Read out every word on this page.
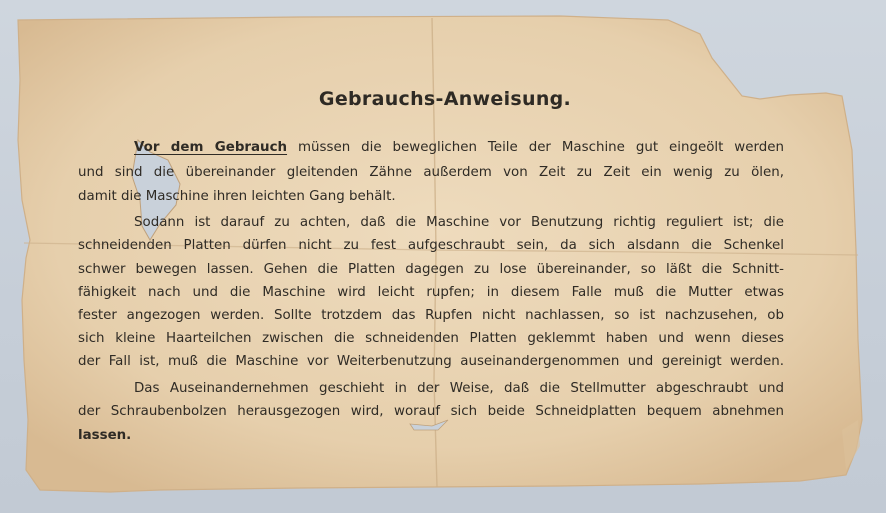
Gebrauchs-Anweisung.

Vor dem Gebrauch müssen die beweglichen Teile der Maschine gut eingeölt werden

und sind die übereinander gleitenden Zähne außerdem von Zeit zu Zeit ein wenig zu ölen,

damit die Maschine ihren leichten Gang behält.

Sodann ist darauf zu achten, daß die Maschine vor Benutzung richtig reguliert ist; die

schneidenden Platten dürfen nicht zu fest aufgeschraubt sein, da sich alsdann die Schenkel

schwer bewegen lassen. Gehen die Platten dagegen zu lose übereinander, so läßt die Schnitt-

fähigkeit nach und die Maschine wird leicht rupfen; in diesem Falle muß die Mutter etwas

fester angezogen werden. Sollte trotzdem das Rupfen nicht nachlassen, so ist nachzusehen, ob

sich kleine Haarteilchen zwischen die schneidenden Platten geklemmt haben und wenn dieses

der Fall ist, muß die Maschine vor Weiterbenutzung auseinandergenommen und gereinigt werden.

Das Auseinandernehmen geschieht in der Weise, daß die Stellmutter abgeschraubt und

der Schraubenbolzen herausgezogen wird, worauf sich beide Schneidplatten bequem abnehmen

lassen.
